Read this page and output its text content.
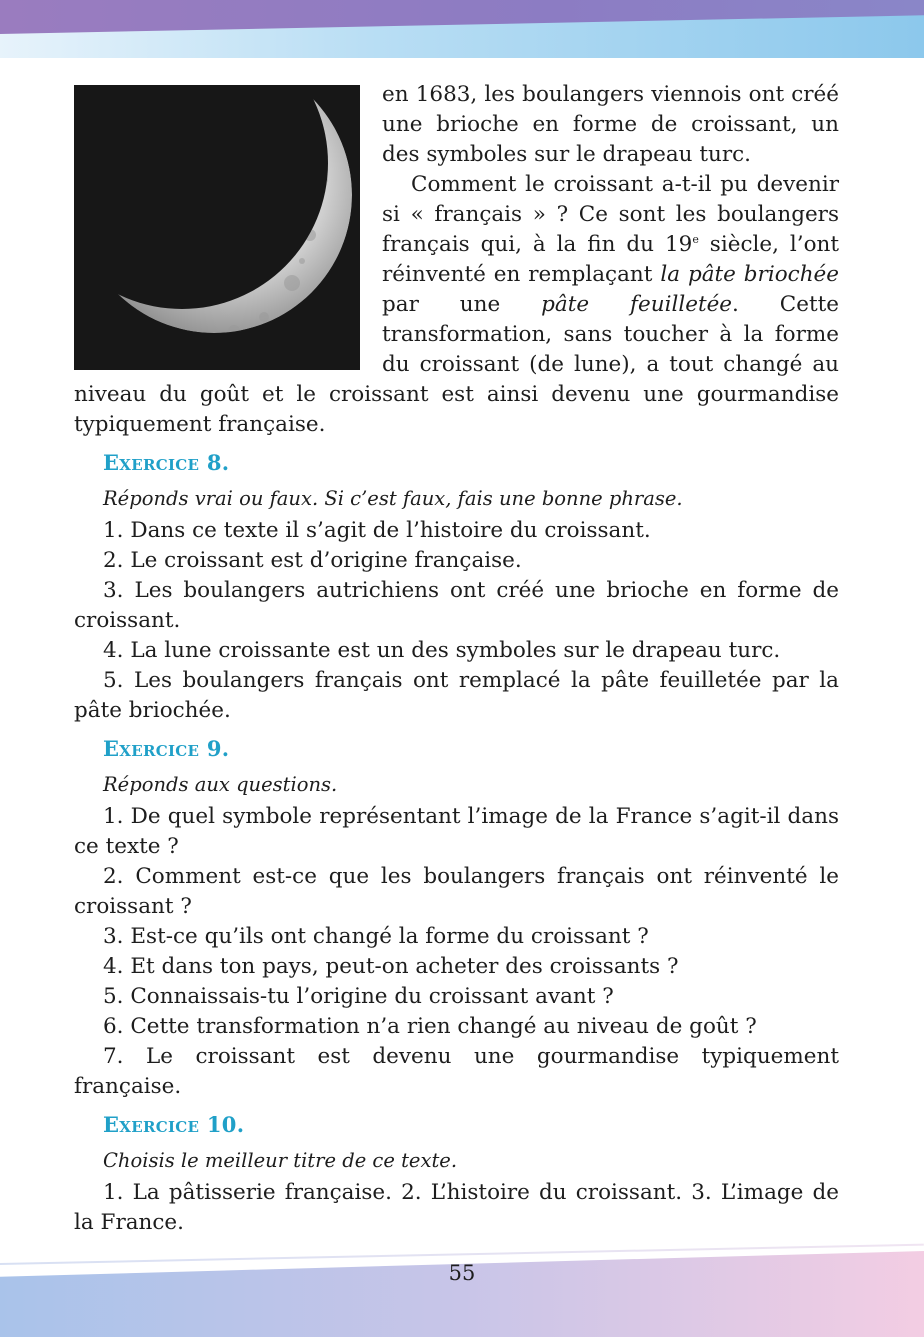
en 1683, les boulangers viennois ont créé une brioche en forme de croissant, un des symboles sur le drapeau turc.

Comment le croissant a-t-il pu devenir si « français » ? Ce sont les boulangers français qui, à la fin du 19e siècle, l’ont réinventé en remplaçant la pâte briochée par une pâte feuilletée. Cette transformation, sans toucher à la forme du croissant (de lune), a tout changé au niveau du goût et le croissant est ainsi devenu une gourmandise typiquement française.

Exercice 8.

Réponds vrai ou faux. Si c’est faux, fais une bonne phrase.

1. Dans ce texte il s’agit de l’histoire du croissant.

2. Le croissant est d’origine française.

3. Les boulangers autrichiens ont créé une brioche en forme de croissant.

4. La lune croissante est un des symboles sur le drapeau turc.

5. Les boulangers français ont remplacé la pâte feuilletée par la pâte briochée.

Exercice 9.

Réponds aux questions.

1. De quel symbole représentant l’image de la France s’agit-il dans ce texte ?

2. Comment est-ce que les boulangers français ont réinventé le croissant ?

3. Est-ce qu’ils ont changé la forme du croissant ?

4. Et dans ton pays, peut-on acheter des croissants ?

5. Connaissais-tu l’origine du croissant avant ?

6. Cette transformation n’a rien changé au niveau de goût ?

7. Le croissant est devenu une gourmandise typiquement française.

Exercice 10.

Choisis le meilleur titre de ce texte.

1. La pâtisserie française. 2. L’histoire du croissant. 3. L’image de la France.

55
